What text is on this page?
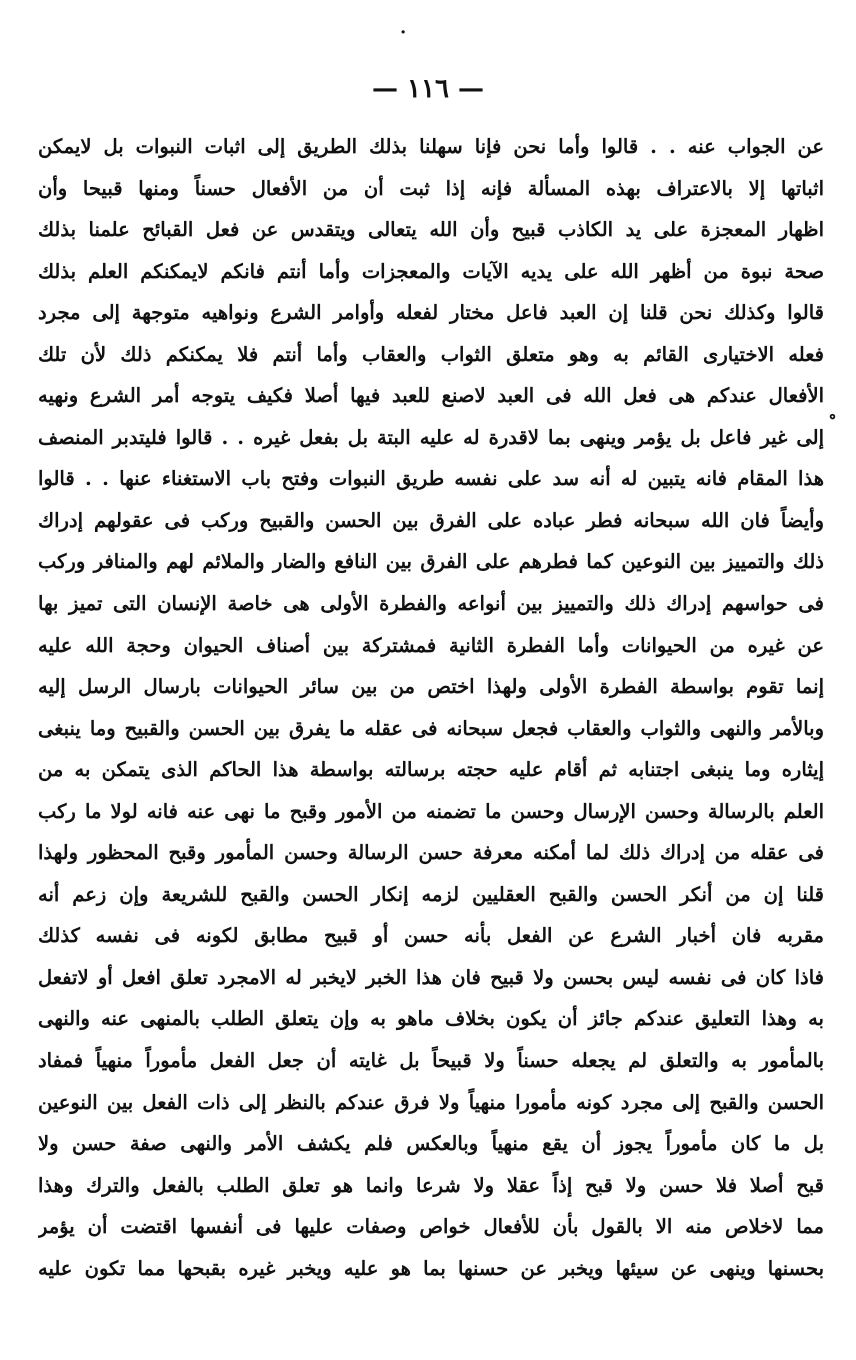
— ١١٦ —
·
عن الجواب عنه . . قالوا وأما نحن فإنا سهلنا بذلك الطريق إلى اثبات النبوات بل لايمكن
اثباتها إلا بالاعتراف بهذه المسألة فإنه إذا ثبت أن من الأفعال حسناً ومنها قبيحا وأن
اظهار المعجزة على يد الكاذب قبيح وأن الله يتعالى ويتقدس عن فعل القبائح علمنا بذلك
صحة نبوة من أظهر الله على يديه الآيات والمعجزات وأما أنتم فانكم لايمكنكم العلم بذلك
قالوا وكذلك نحن قلنا إن العبد فاعل مختار لفعله وأوامر الشرع ونواهيه متوجهة إلى مجرد
فعله الاختيارى القائم به وهو متعلق الثواب والعقاب وأما أنتم فلا يمكنكم ذلك لأن تلك
الأفعال عندكم هى فعل الله فى العبد لاصنع للعبد فيها أصلا فكيف يتوجه أمر الشرع ونهيه
إلى غير فاعل بل يؤمر وينهى بما لاقدرة له عليه البتة بل بفعل غيره . . قالوا فليتدبر المنصف
هذا المقام فانه يتبين له أنه سد على نفسه طريق النبوات وفتح باب الاستغناء عنها . . قالوا
وأيضاً فان الله سبحانه فطر عباده على الفرق بين الحسن والقبيح وركب فى عقولهم إدراك
ذلك والتمييز بين النوعين كما فطرهم على الفرق بين النافع والضار والملائم لهم والمنافر وركب
فى حواسهم إدراك ذلك والتمييز بين أنواعه والفطرة الأولى هى خاصة الإنسان التى تميز بها
عن غيره من الحيوانات وأما الفطرة الثانية فمشتركة بين أصناف الحيوان وحجة الله عليه
إنما تقوم بواسطة الفطرة الأولى ولهذا اختص من بين سائر الحيوانات بارسال الرسل إليه
وبالأمر والنهى والثواب والعقاب فجعل سبحانه فى عقله ما يفرق بين الحسن والقبيح وما ينبغى
إيثاره وما ينبغى اجتنابه ثم أقام عليه حجته برسالته بواسطة هذا الحاكم الذى يتمكن به من
العلم بالرسالة وحسن الإرسال وحسن ما تضمنه من الأمور وقبح ما نهى عنه فانه لولا ما ركب
فى عقله من إدراك ذلك لما أمكنه معرفة حسن الرسالة وحسن المأمور وقبح المحظور ولهذا
قلنا إن من أنكر الحسن والقبح العقليين لزمه إنكار الحسن والقبح للشريعة وإن زعم أنه
مقربه فان أخبار الشرع عن الفعل بأنه حسن أو قبيح مطابق لكونه فى نفسه كذلك
فاذا كان فى نفسه ليس بحسن ولا قبيح فان هذا الخبر لايخبر له الامجرد تعلق افعل أو لاتفعل
به وهذا التعليق عندكم جائز أن يكون بخلاف ماهو به وإن يتعلق الطلب بالمنهى عنه والنهى
بالمأمور به والتعلق لم يجعله حسناً ولا قبيحاً بل غايته أن جعل الفعل مأموراً منهياً فمفاد
الحسن والقبح إلى مجرد كونه مأمورا منهياً ولا فرق عندكم بالنظر إلى ذات الفعل بين النوعين
بل ما كان مأموراً يجوز أن يقع منهياً وبالعكس فلم يكشف الأمر والنهى صفة حسن ولا
قبح أصلا فلا حسن ولا قبح إذاً عقلا ولا شرعا وانما هو تعلق الطلب بالفعل والترك وهذا
مما لاخلاص منه الا بالقول بأن للأفعال خواص وصفات عليها فى أنفسها اقتضت أن يؤمر
بحسنها وينهى عن سيئها ويخبر عن حسنها بما هو عليه ويخبر غيره بقبحها مما تكون عليه
